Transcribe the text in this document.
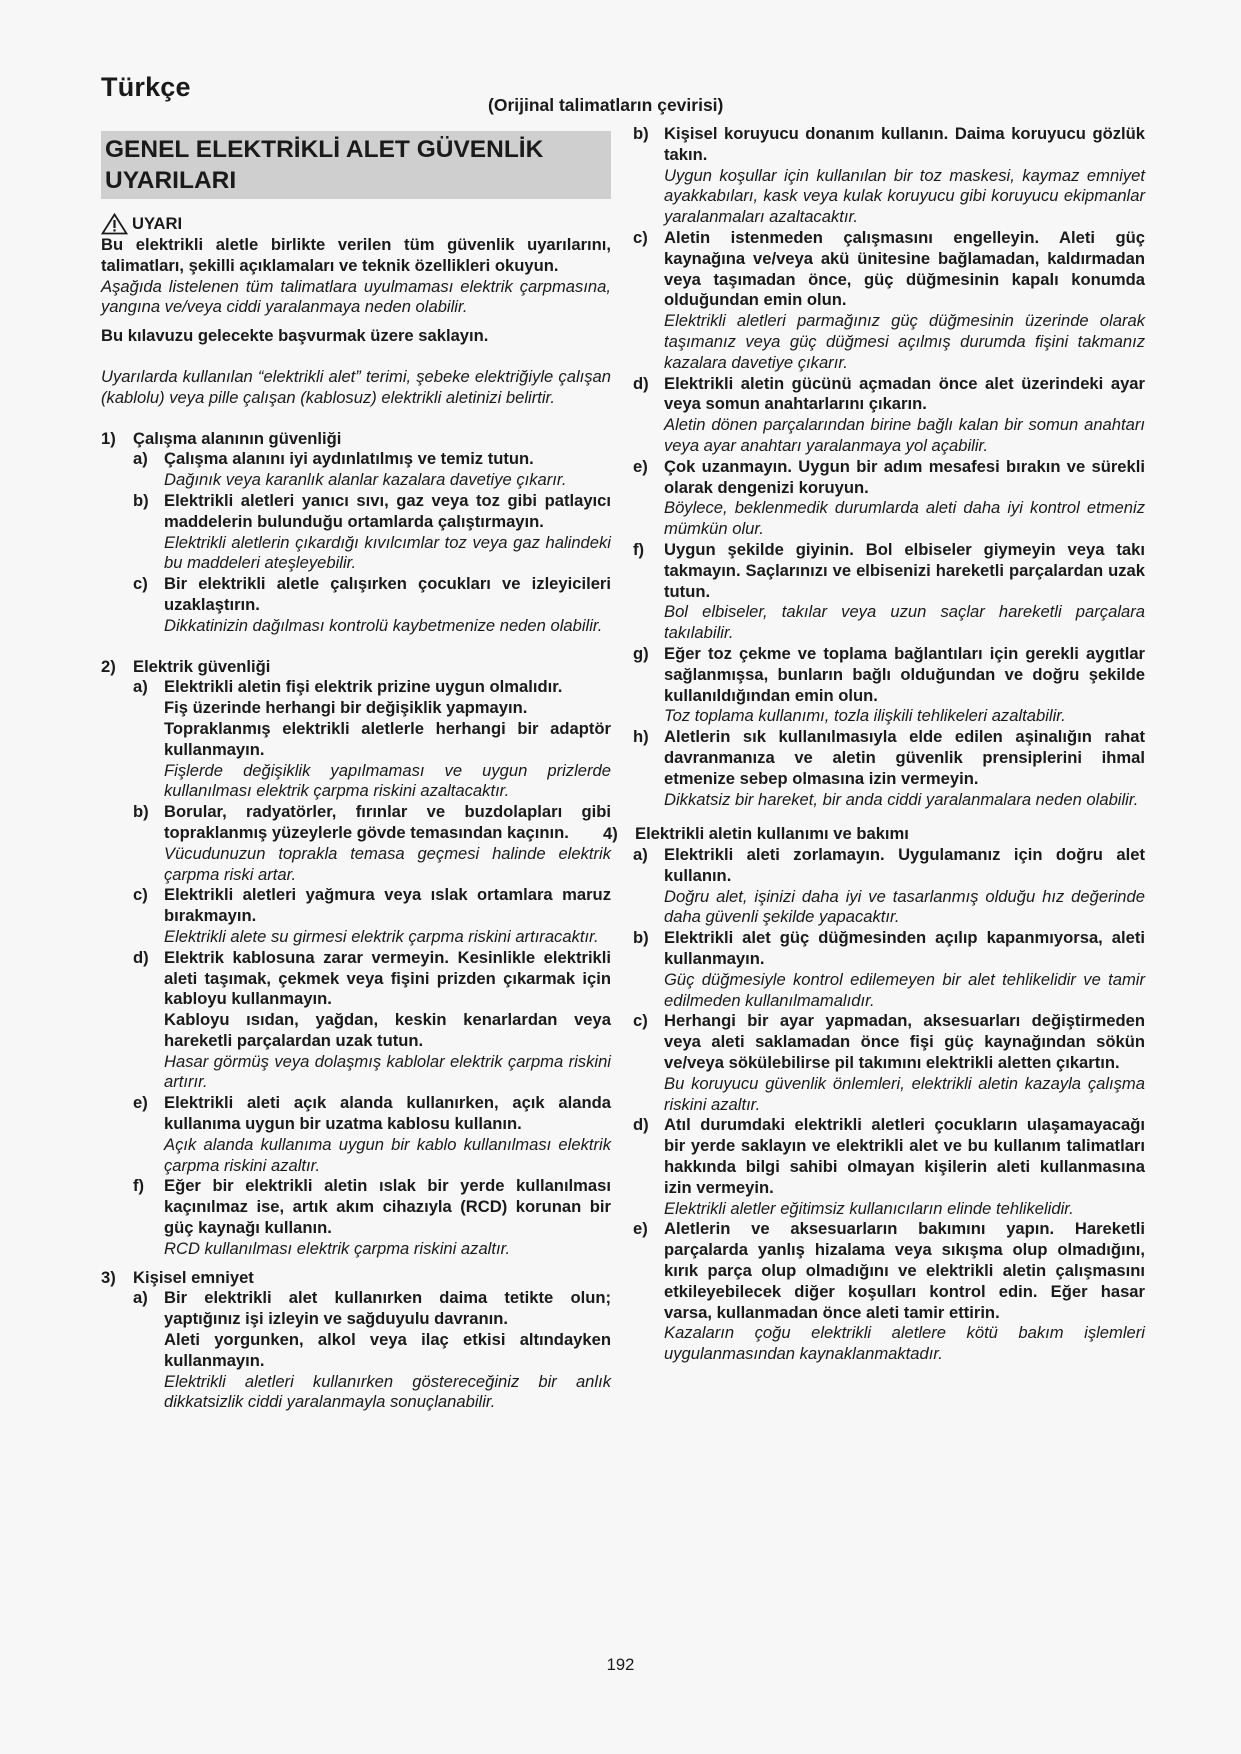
Türkçe
(Orijinal talimatların çevirisi)
GENEL ELEKTRİKLİ ALET GÜVENLİK
UYARILARI
UYARI
Bu elektrikli aletle birlikte verilen tüm güvenlik uyarılarını, talimatları, şekilli açıklamaları ve teknik özellikleri okuyun.
Aşağıda listelenen tüm talimatlara uyulmaması elektrik çarpmasına, yangına ve/veya ciddi yaralanmaya neden olabilir.
Bu kılavuzu gelecekte başvurmak üzere saklayın.
Uyarılarda kullanılan “elektrikli alet” terimi, şebeke elektriğiyle çalışan (kablolu) veya pille çalışan (kablosuz) elektrikli aletinizi belirtir.
1)	Çalışma alanının güvenliği
a) Çalışma alanını iyi aydınlatılmış ve temiz tutun.
Dağınık veya karanlık alanlar kazalara davetiye çıkarır.
b) Elektrikli aletleri yanıcı sıvı, gaz veya toz gibi patlayıcı maddelerin bulunduğu ortamlarda çalıştırmayın.
Elektrikli aletlerin çıkardığı kıvılcımlar toz veya gaz halindeki bu maddeleri ateşleyebilir.
c) Bir elektrikli aletle çalışırken çocukları ve izleyicileri uzaklaştırın.
Dikkatinizin dağılması kontrolü kaybetmenize neden olabilir.
2)	Elektrik güvenliği
a) Elektrikli aletin fişi elektrik prizine uygun olmalıdır.
Fiş üzerinde herhangi bir değişiklik yapmayın.
Topraklanmış elektrikli aletlerle herhangi bir adaptör kullanmayın.
Fişlerde değişiklik yapılmaması ve uygun prizlerde kullanılması elektrik çarpma riskini azaltacaktır.
b) Borular, radyatörler, fırınlar ve buzdolapları gibi topraklanmış yüzeylerle gövde temasından kaçının.
Vücudunuzun toprakla temasa geçmesi halinde elektrik çarpma riski artar.
c) Elektrikli aletleri yağmura veya ıslak ortamlara maruz bırakmayın.
Elektrikli alete su girmesi elektrik çarpma riskini artıracaktır.
d) Elektrik kablosuna zarar vermeyin. Kesinlikle elektrikli aleti taşımak, çekmek veya fişini prizden çıkarmak için kabloyu kullanmayın.
Kabloyu ısıdan, yağdan, keskin kenarlardan veya hareketli parçalardan uzak tutun.
Hasar görmüş veya dolaşmış kablolar elektrik çarpma riskini artırır.
e) Elektrikli aleti açık alanda kullanırken, açık alanda kullanıma uygun bir uzatma kablosu kullanın.
Açık alanda kullanıma uygun bir kablo kullanılması elektrik çarpma riskini azaltır.
f)	Eğer bir elektrikli aletin ıslak bir yerde kullanılması kaçınılmaz ise, artık akım cihazıyla (RCD) korunan bir güç kaynağı kullanın.
RCD kullanılması elektrik çarpma riskini azaltır.
3)	Kişisel emniyet
a) Bir elektrikli alet kullanırken daima tetikte olun; yaptığınız işi izleyin ve sağduyulu davranın.
Aleti yorgunken, alkol veya ilaç etkisi altındayken kullanmayın.
Elektrikli aletleri kullanırken göstereceğiniz bir anlık dikkatsizlik ciddi yaralanmayla sonuçlanabilir.
b) Kişisel koruyucu donanım kullanın. Daima koruyucu gözlük takın.
Uygun koşullar için kullanılan bir toz maskesi, kaymaz emniyet ayakkabıları, kask veya kulak koruyucu gibi koruyucu ekipmanlar yaralanmaları azaltacaktır.
c) Aletin istenmeden çalışmasını engelleyin. Aleti güç kaynağına ve/veya akü ünitesine bağlamadan, kaldırmadan veya taşımadan önce, güç düğmesinin kapalı konumda olduğundan emin olun.
Elektrikli aletleri parmağınız güç düğmesinin üzerinde olarak taşımanız veya güç düğmesi açılmış durumda fişini takmanız kazalara davetiye çıkarır.
d) Elektrikli aletin gücünü açmadan önce alet üzerindeki ayar veya somun anahtarlarını çıkarın.
Aletin dönen parçalarından birine bağlı kalan bir somun anahtarı veya ayar anahtarı yaralanmaya yol açabilir.
e) Çok uzanmayın. Uygun bir adım mesafesi bırakın ve sürekli olarak dengenizi koruyun.
Böylece, beklenmedik durumlarda aleti daha iyi kontrol etmeniz mümkün olur.
f)	Uygun şekilde giyinin. Bol elbiseler giymeyin veya takı takmayın. Saçlarınızı ve elbisenizi hareketli parçalardan uzak tutun.
Bol elbiseler, takılar veya uzun saçlar hareketli parçalara takılabilir.
g) Eğer toz çekme ve toplama bağlantıları için gerekli aygıtlar sağlanmışsa, bunların bağlı olduğundan ve doğru şekilde kullanıldığından emin olun.
Toz toplama kullanımı, tozla ilişkili tehlikeleri azaltabilir.
h) Aletlerin sık kullanılmasıyla elde edilen aşinalığın rahat davranmanıza ve aletin güvenlik prensiplerini ihmal etmenize sebep olmasına izin vermeyin.
Dikkatsiz bir hareket, bir anda ciddi yaralanmalara neden olabilir.
4)	Elektrikli aletin kullanımı ve bakımı
a) Elektrikli aleti zorlamayın. Uygulamanız için doğru alet kullanın.
Doğru alet, işinizi daha iyi ve tasarlanmış olduğu hız değerinde daha güvenli şekilde yapacaktır.
b) Elektrikli alet güç düğmesinden açılıp kapanmıyorsa, aleti kullanmayın.
Güç düğmesiyle kontrol edilemeyen bir alet tehlikelidir ve tamir edilmeden kullanılmamalıdır.
c) Herhangi bir ayar yapmadan, aksesuarları değiştirmeden veya aleti saklamadan önce fişi güç kaynağından sökün ve/veya sökülebilirse pil takımını elektrikli aletten çıkartın.
Bu koruyucu güvenlik önlemleri, elektrikli aletin kazayla çalışma riskini azaltır.
d) Atıl durumdaki elektrikli aletleri çocukların ulaşamayacağı bir yerde saklayın ve elektrikli alet ve bu kullanım talimatları hakkında bilgi sahibi olmayan kişilerin aleti kullanmasına izin vermeyin.
Elektrikli aletler eğitimsiz kullanıcıların elinde tehlikelidir.
e) Aletlerin ve aksesuarların bakımını yapın. Hareketli parçalarda yanlış hizalama veya sıkışma olup olmadığını, kırık parça olup olmadığını ve elektrikli aletin çalışmasını etkileyebilecek diğer koşulları kontrol edin. Eğer hasar varsa, kullanmadan önce aleti tamir ettirin.
Kazaların çoğu elektrikli aletlere kötü bakım işlemleri uygulanmasından kaynaklanmaktadır.
192
